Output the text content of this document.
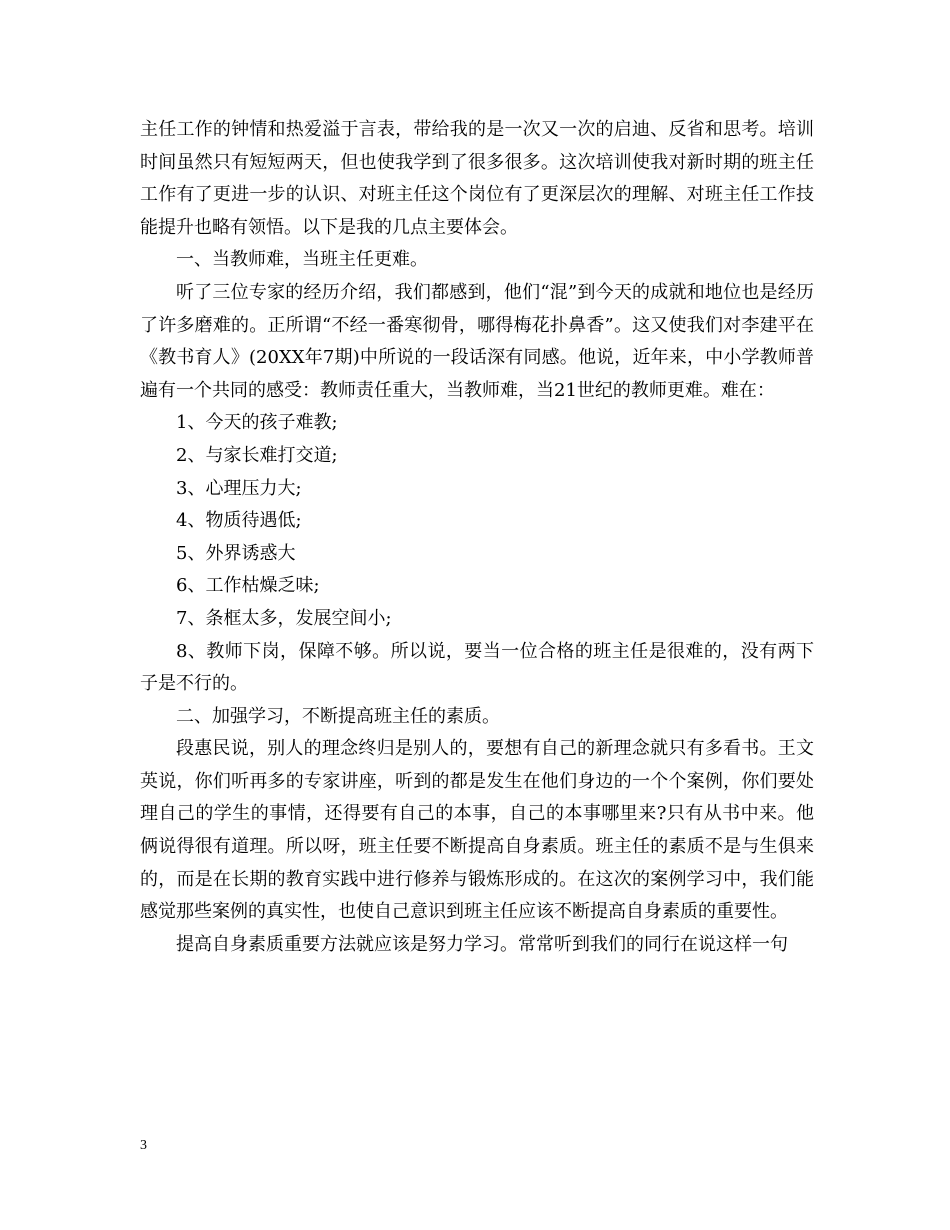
主任工作的钟情和热爱溢于言表，带给我的是一次又一次的启迪、反省和思考。培训时间虽然只有短短两天，但也使我学到了很多很多。这次培训使我对新时期的班主任工作有了更进一步的认识、对班主任这个岗位有了更深层次的理解、对班主任工作技能提升也略有领悟。以下是我的几点主要体会。

一、当教师难，当班主任更难。

听了三位专家的经历介绍，我们都感到，他们“混”到今天的成就和地位也是经历了许多磨难的。正所谓“不经一番寒彻骨，哪得梅花扑鼻香”。这又使我们对李建平在《教书育人》(20XX年7期)中所说的一段话深有同感。他说，近年来，中小学教师普遍有一个共同的感受：教师责任重大，当教师难，当21世纪的教师更难。难在：

1、今天的孩子难教;

2、与家长难打交道;

3、心理压力大;

4、物质待遇低;

5、外界诱惑大

6、工作枯燥乏味;

7、条框太多，发展空间小;

8、教师下岗，保障不够。所以说，要当一位合格的班主任是很难的，没有两下子是不行的。

二、加强学习，不断提高班主任的素质。

段惠民说，别人的理念终归是别人的，要想有自己的新理念就只有多看书。王文英说，你们听再多的专家讲座，听到的都是发生在他们身边的一个个案例，你们要处理自己的学生的事情，还得要有自己的本事，自己的本事哪里来?只有从书中来。他俩说得很有道理。所以呀，班主任要不断提高自身素质。班主任的素质不是与生俱来的，而是在长期的教育实践中进行修养与锻炼形成的。在这次的案例学习中，我们能感觉那些案例的真实性，也使自己意识到班主任应该不断提高自身素质的重要性。

提高自身素质重要方法就应该是努力学习。常常听到我们的同行在说这样一句

3
